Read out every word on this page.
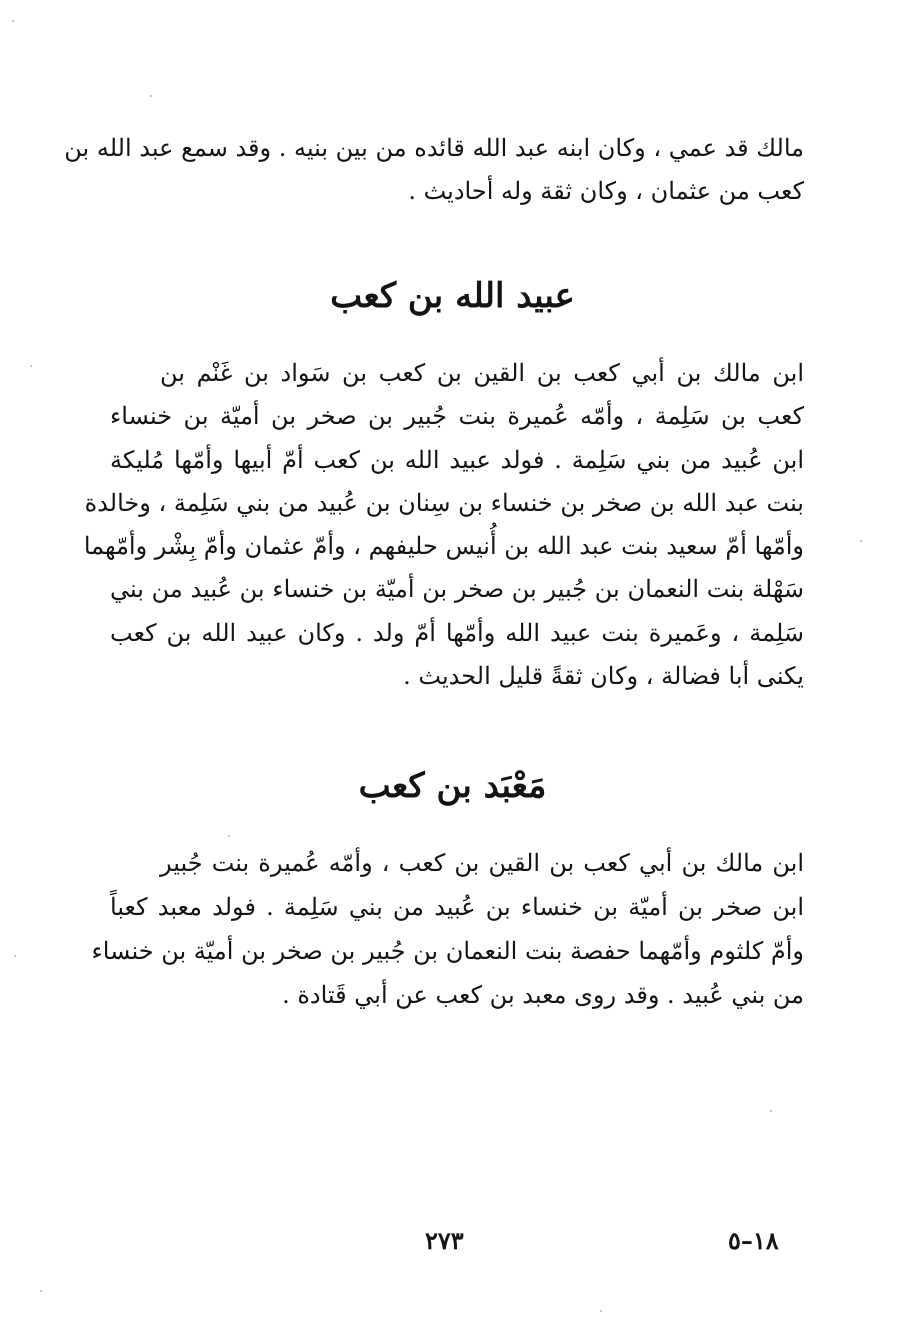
مالك قد عمي ، وكان ابنه عبد الله قائده من بين بنيه . وقد سمع عبد الله بن
كعب من عثمان ، وكان ثقة وله أحاديث .
عبيد الله بن كعب
ابن مالك بن أبي كعب بن القين بن كعب بن سَواد بن غَنْم بن
كعب بن سَلِمة ، وأمّه عُميرة بنت جُبير بن صخر بن أميّة بن خنساء
ابن عُبيد من بني سَلِمة . فولد عبيد الله بن كعب أمّ أبيها وأمّها مُليكة
بنت عبد الله بن صخر بن خنساء بن سِنان بن عُبيد من بني سَلِمة ، وخالدة
وأمّها أمّ سعيد بنت عبد الله بن أُنيس حليفهم ، وأمّ عثمان وأمّ بِشْر وأمّهما
سَهْلة بنت النعمان بن جُبير بن صخر بن أميّة بن خنساء بن عُبيد من بني
سَلِمة ، وعَميرة بنت عبيد الله وأمّها أمّ ولد . وكان عبيد الله بن كعب
يكنى أبا فضالة ، وكان ثقةً قليل الحديث .
مَعْبَد بن كعب
ابن مالك بن أبي كعب بن القين بن كعب ، وأمّه عُميرة بنت جُبير
ابن صخر بن أميّة بن خنساء بن عُبيد من بني سَلِمة . فولد معبد كعباً
وأمّ كلثوم وأمّهما حفصة بنت النعمان بن جُبير بن صخر بن أميّة بن خنساء
من بني عُبيد . وقد روى معبد بن كعب عن أبي قَتادة .
٢٧٣	١٨–٥
